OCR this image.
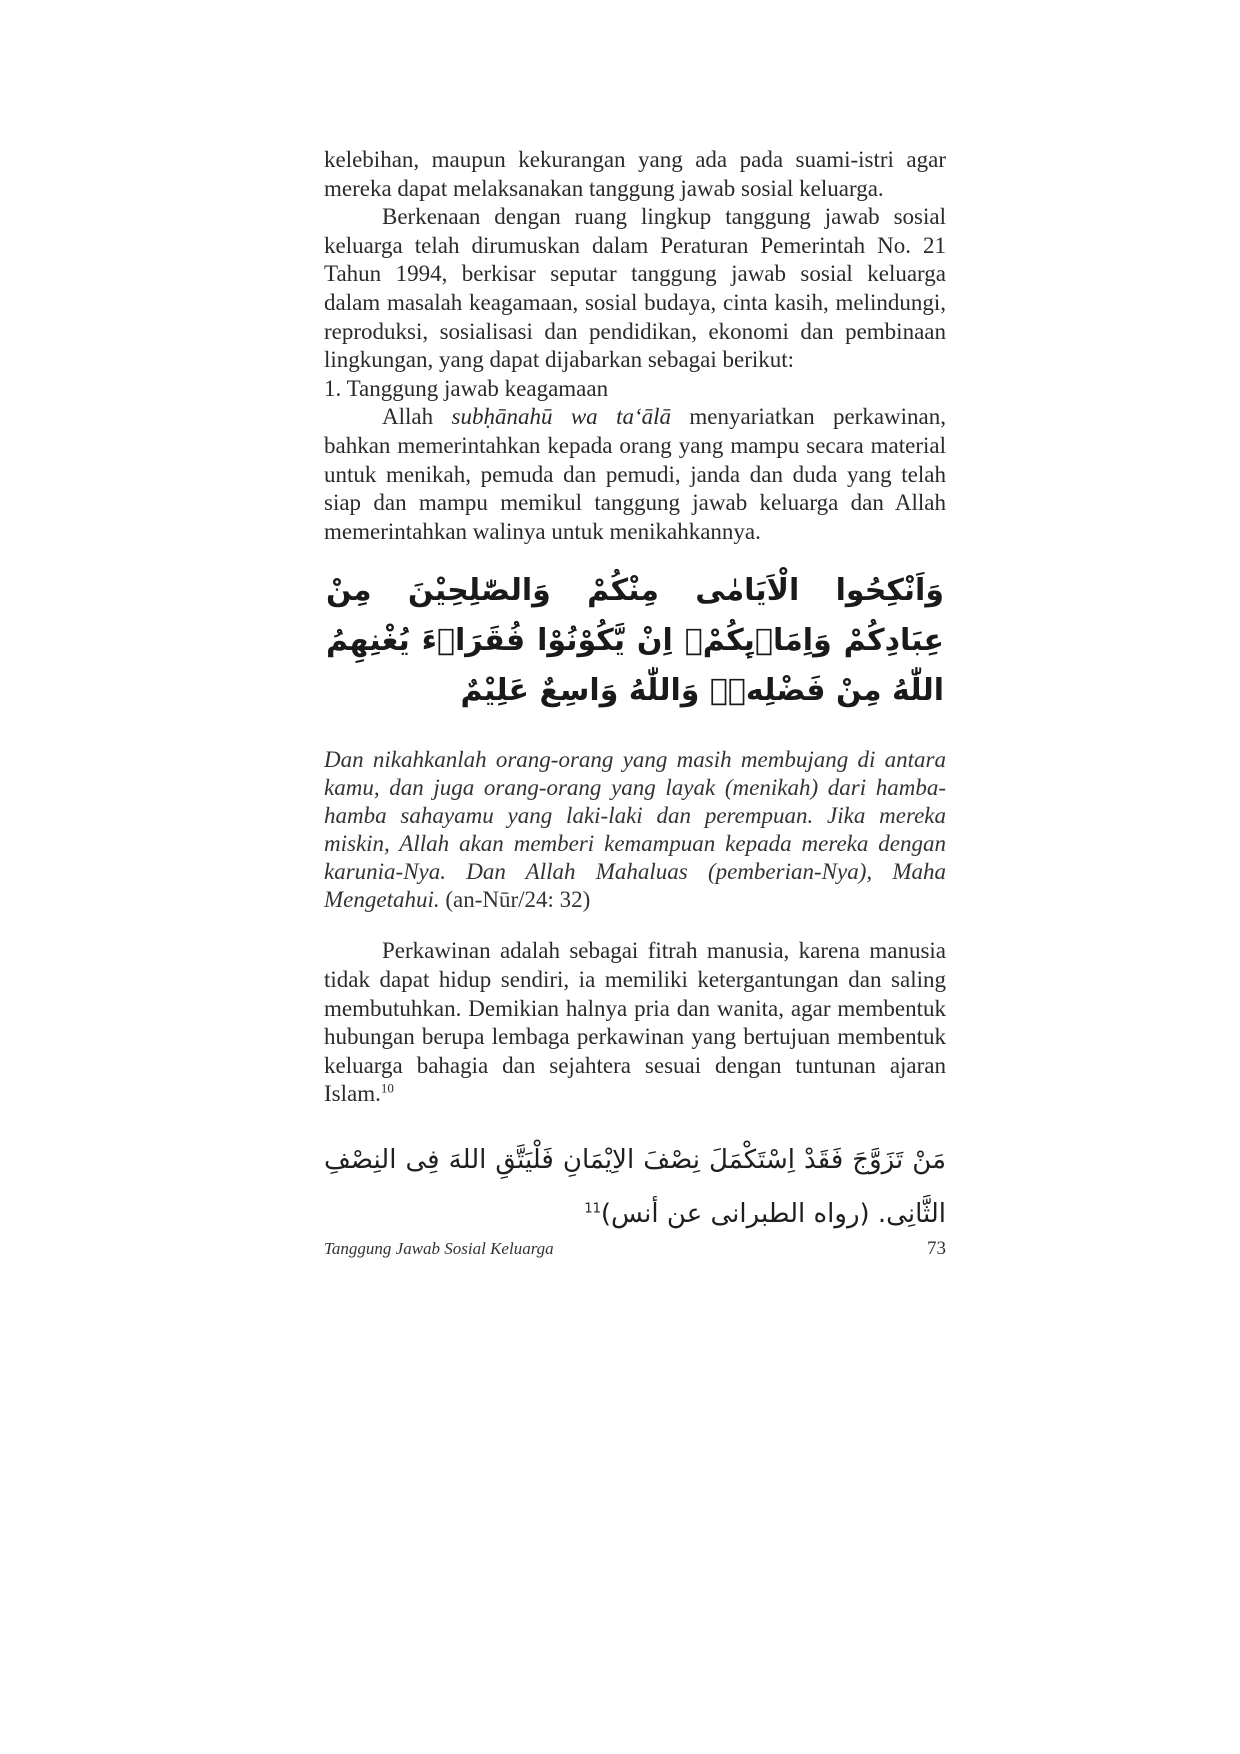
kelebihan, maupun kekurangan yang ada pada suami-istri agar mereka dapat melaksanakan tanggung jawab sosial keluarga.

Berkenaan dengan ruang lingkup tanggung jawab sosial keluarga telah dirumuskan dalam Peraturan Pemerintah No. 21 Tahun 1994, berkisar seputar tanggung jawab sosial keluarga dalam masalah keagamaan, sosial budaya, cinta kasih, melindungi, reproduksi, sosialisasi dan pendidikan, ekonomi dan pembinaan lingkungan, yang dapat dijabarkan sebagai berikut:

1. Tanggung jawab keagamaan

Allah subḥānahū wa ta‘ālā menyariatkan perkawinan, bahkan memerintahkan kepada orang yang mampu secara material untuk menikah, pemuda dan pemudi, janda dan duda yang telah siap dan mampu memikul tanggung jawab keluarga dan Allah memerintahkan walinya untuk menikahkannya.

وَاَنْكِحُوا الْاَيَامٰى مِنْكُمْ وَالصّٰلِحِيْنَ مِنْ عِبَادِكُمْ وَاِمَاۤىِٕكُمْۗ اِنْ يَّكُوْنُوْا فُقَرَاۤءَ يُغْنِهِمُ اللّٰهُ مِنْ فَضْلِهٖۗ وَاللّٰهُ وَاسِعٌ عَلِيْمٌ

Dan nikahkanlah orang-orang yang masih membujang di antara kamu, dan juga orang-orang yang layak (menikah) dari hamba-hamba sahayamu yang laki-laki dan perempuan. Jika mereka miskin, Allah akan memberi kemampuan kepada mereka dengan karunia-Nya. Dan Allah Mahaluas (pemberian-Nya), Maha Mengetahui. (an-Nūr/24: 32)

Perkawinan adalah sebagai fitrah manusia, karena manusia tidak dapat hidup sendiri, ia memiliki ketergantungan dan saling membutuhkan. Demikian halnya pria dan wanita, agar membentuk hubungan berupa lembaga perkawinan yang bertujuan membentuk keluarga bahagia dan sejahtera sesuai dengan tuntunan ajaran Islam.$^{10}$

مَنْ تَزَوَّجَ فَقَدْ اِسْتَكْمَلَ نِصْفَ الاِيْمَانِ فَلْيَتَّقِ اللهَ فِى النِصْفِ الثَّانِى. (رواه الطبرانى عن أنس)$^{11}$

Tanggung Jawab Sosial Keluarga	73
